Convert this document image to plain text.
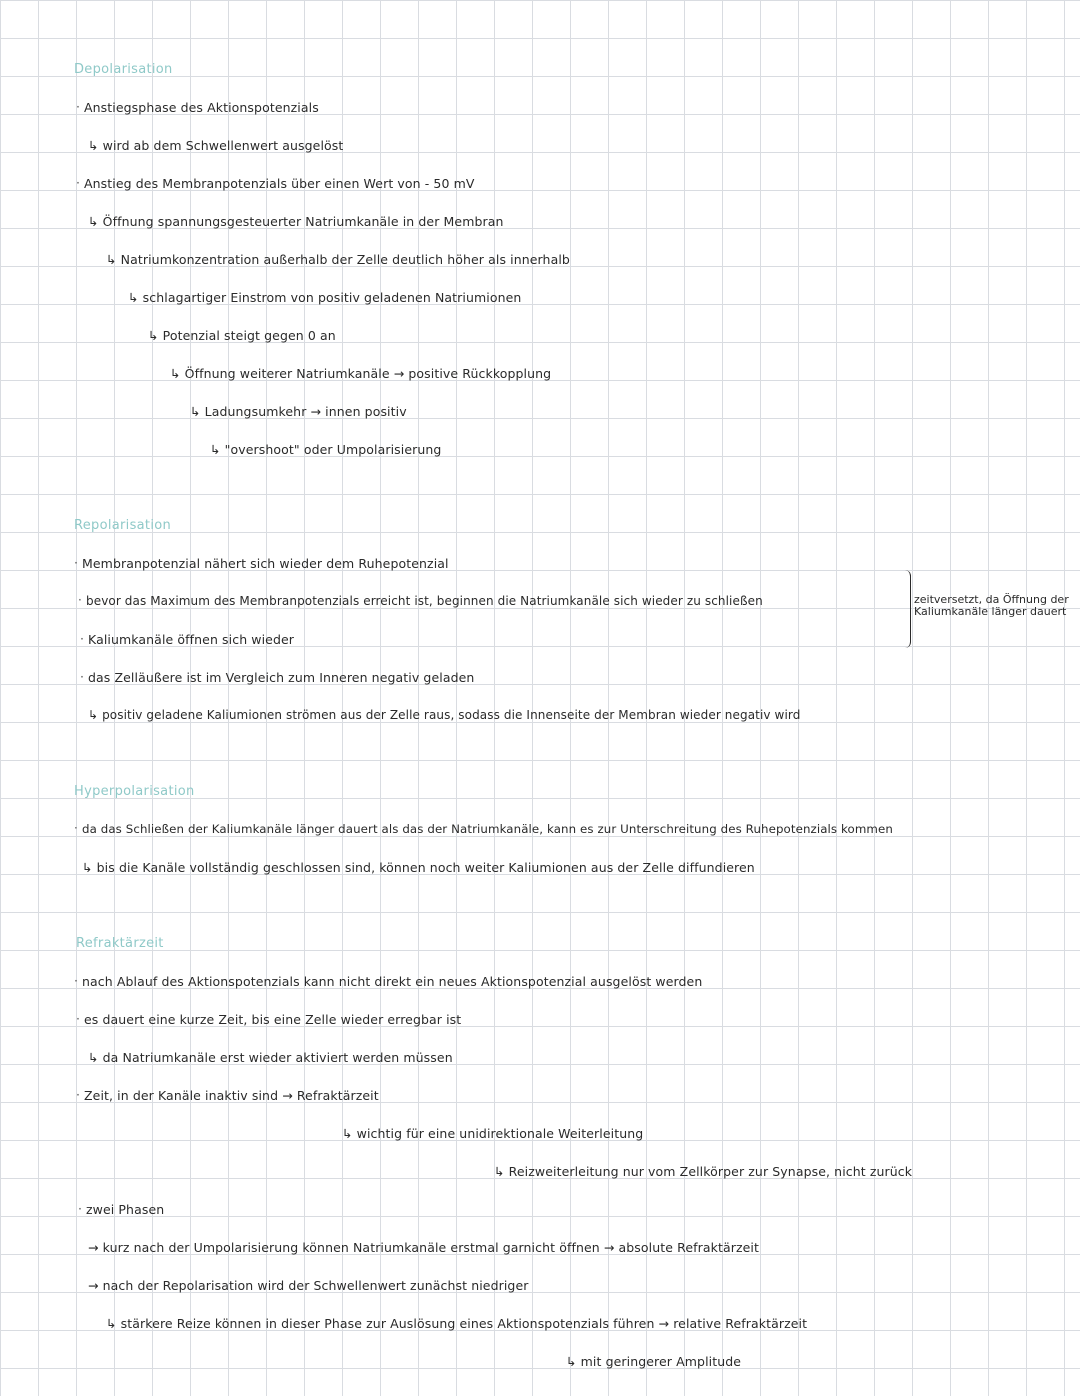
Depolarisation
· Anstiegsphase des Aktionspotenzials
↳ wird ab dem Schwellenwert ausgelöst
· Anstieg des Membranpotenzials über einen Wert von - 50 mV
↳ Öffnung spannungsgesteuerter Natriumkanäle in der Membran
↳ Natriumkonzentration außerhalb der Zelle deutlich höher als innerhalb
↳ schlagartiger Einstrom von positiv geladenen Natriumionen
↳ Potenzial steigt gegen 0 an
↳ Öffnung weiterer Natriumkanäle → positive Rückkopplung
↳ Ladungsumkehr → innen positiv
↳ "overshoot" oder Umpolarisierung
Repolarisation
· Membranpotenzial nähert sich wieder dem Ruhepotenzial
· bevor das Maximum des Membranpotenzials erreicht ist, beginnen die Natriumkanäle sich wieder zu schließen
· Kaliumkanäle öffnen sich wieder
zeitversetzt, da Öffnung der Kaliumkanäle länger dauert
· das Zelläußere ist im Vergleich zum Inneren negativ geladen
↳ positiv geladene Kaliumionen strömen aus der Zelle raus, sodass die Innenseite der Membran wieder negativ wird
Hyperpolarisation
· da das Schließen der Kaliumkanäle länger dauert als das der Natriumkanäle, kann es zur Unterschreitung des Ruhepotenzials kommen
↳ bis die Kanäle vollständig geschlossen sind, können noch weiter Kaliumionen aus der Zelle diffundieren
Refraktärzeit
· nach Ablauf des Aktionspotenzials kann nicht direkt ein neues Aktionspotenzial ausgelöst werden
· es dauert eine kurze Zeit, bis eine Zelle wieder erregbar ist
↳ da Natriumkanäle erst wieder aktiviert werden müssen
· Zeit, in der Kanäle inaktiv sind → Refraktärzeit
↳ wichtig für eine unidirektionale Weiterleitung
↳ Reizweiterleitung nur vom Zellkörper zur Synapse, nicht zurück
· zwei Phasen
→ kurz nach der Umpolarisierung können Natriumkanäle erstmal garnicht öffnen → absolute Refraktärzeit
→ nach der Repolarisation wird der Schwellenwert zunächst niedriger
↳ stärkere Reize können in dieser Phase zur Auslösung eines Aktionspotenzials führen → relative Refraktärzeit
↳ mit geringerer Amplitude
